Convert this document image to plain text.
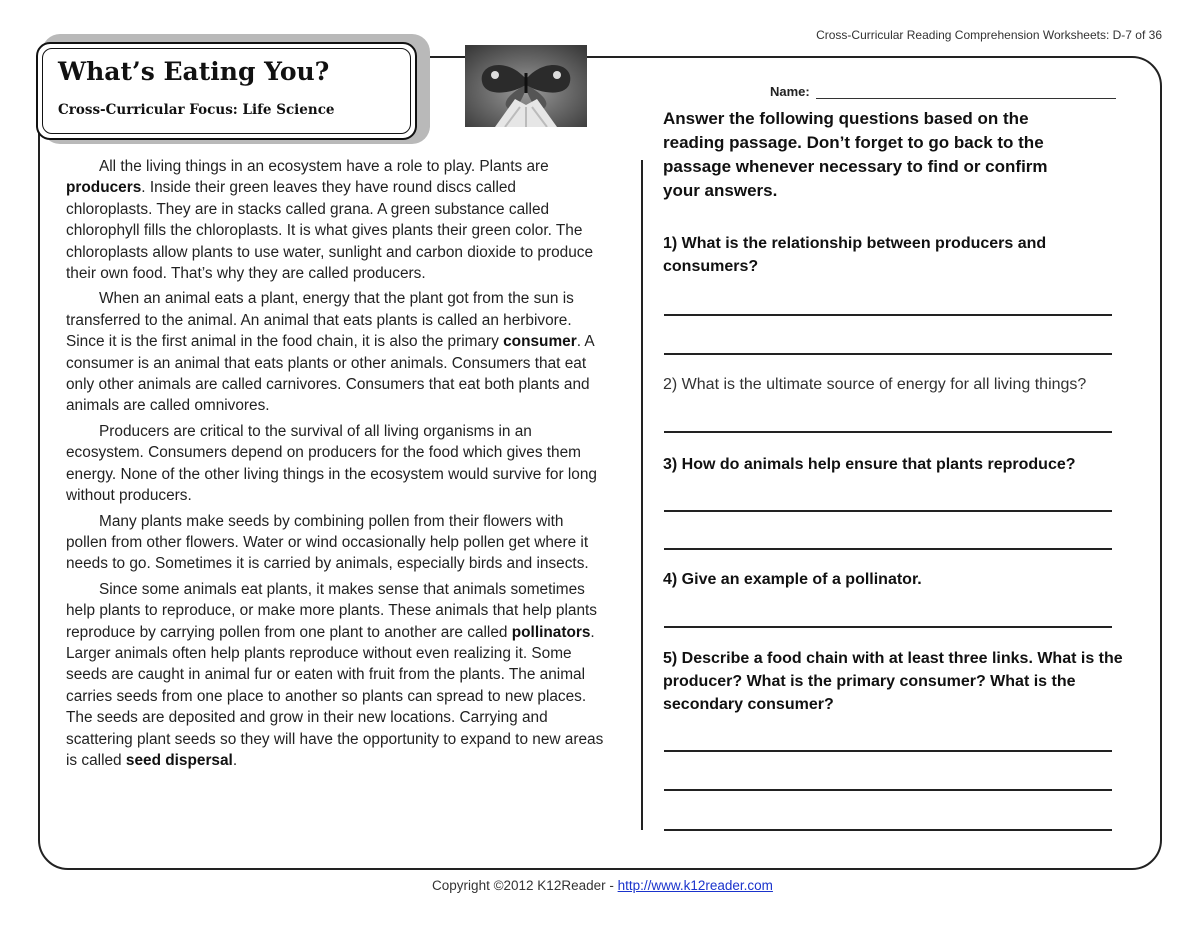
Cross-Curricular Reading Comprehension Worksheets: D-7 of 36
What’s Eating You?
Cross-Curricular Focus: Life Science

All the living things in an ecosystem have a role to play. Plants are producers. Inside their green leaves they have round discs called chloroplasts. They are in stacks called grana. A green substance called chlorophyll fills the chloroplasts. It is what gives plants their green color. The chloroplasts allow plants to use water, sunlight and carbon dioxide to produce their own food. That’s why they are called producers.

When an animal eats a plant, energy that the plant got from the sun is transferred to the animal. An animal that eats plants is called an herbivore. Since it is the first animal in the food chain, it is also the primary consumer. A consumer is an animal that eats plants or other animals. Consumers that eat only other animals are called carnivores. Consumers that eat both plants and animals are called omnivores.

Producers are critical to the survival of all living organisms in an ecosystem. Consumers depend on producers for the food which gives them energy. None of the other living things in the ecosystem would survive for long without producers.

Many plants make seeds by combining pollen from their flowers with pollen from other flowers. Water or wind occasionally help pollen get where it needs to go. Sometimes it is carried by animals, especially birds and insects.

Since some animals eat plants, it makes sense that animals sometimes help plants to reproduce, or make more plants. These animals that help plants reproduce by carrying pollen from one plant to another are called pollinators. Larger animals often help plants reproduce without even realizing it. Some seeds are caught in animal fur or eaten with fruit from the plants. The animal carries seeds from one place to another so plants can spread to new places. The seeds are deposited and grow in their new locations. Carrying and scattering plant seeds so they will have the opportunity to expand to new areas is called seed dispersal.

Name:
Answer the following questions based on the reading passage. Don’t forget to go back to the passage whenever necessary to find or confirm your answers.
1) What is the relationship between producers and consumers?
2) What is the ultimate source of energy for all living things?
3) How do animals help ensure that plants reproduce?
4) Give an example of a pollinator.
5) Describe a food chain with at least three links. What is the producer? What is the primary consumer? What is the secondary consumer?
Copyright ©2012 K12Reader - http://www.k12reader.com
